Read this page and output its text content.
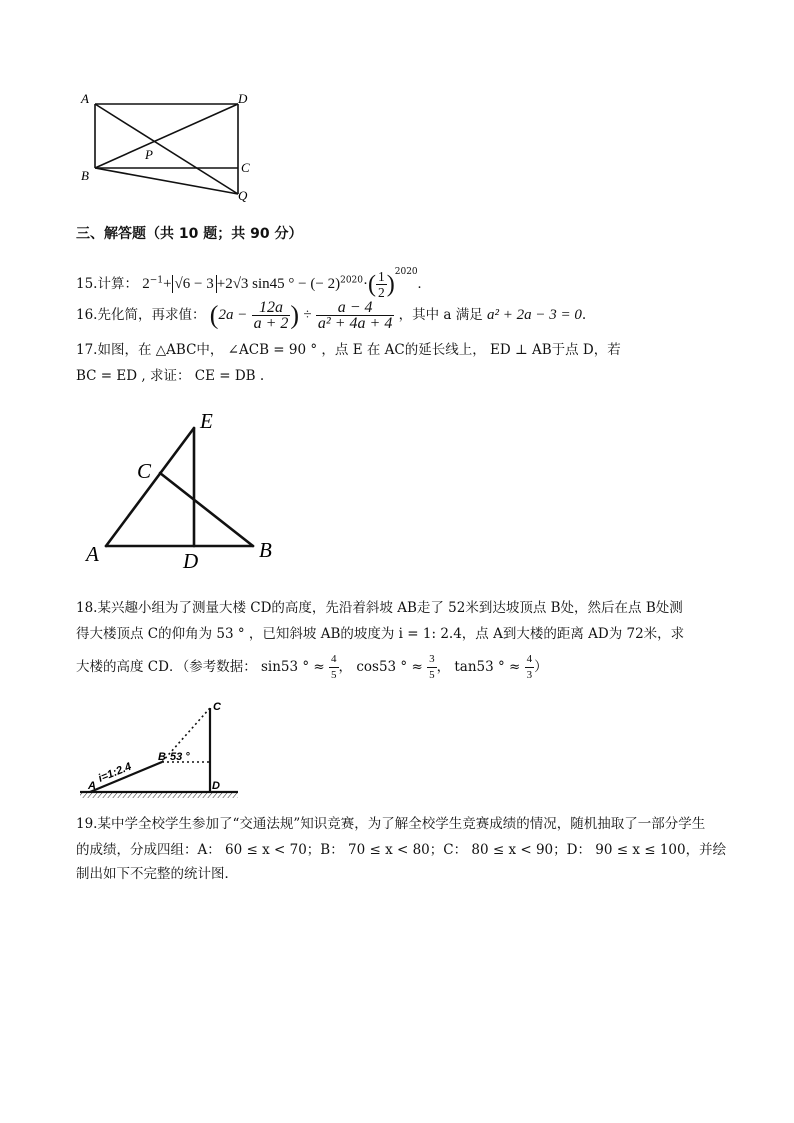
A	D
P
B
C
Q
三、解答题（共 10 题；共 90 分）
15.计算： $2^{-1}+ √6 - 3 +2√3$ sin45 ° − (− $2)^{2020}\cdot( \frac{1}{2} )^{2020}$.
16.先化简，再求值： ($2a - \frac{12a}{a + 2}$ ) ÷ $\frac{a - 4}{\text{a² + 4a + 4}}$ ，其中 a 满足 a² + 2a − 3 = 0.
17.如图，在 △ABC中， ∠ACB = 90 ° ，点 E 在 AC的延长线上， ED ⊥ AB于点 D，若
BC = ED , 求证： CE = DB .
E
C
A	D	B
18.某兴趣小组为了测量大楼 CD的高度，先沿着斜坡 AB走了 52米到达坡顶点 B处，然后在点 B处测
得大楼顶点 C的仰角为 53 ° ，已知斜坡 AB的坡度为 i = 1: 2.4，点 A到大楼的距离 AD为 72米，求
大楼的高度 CD．（参考数据： sin53 ° ≈ $\frac{4}{5}$ ， cos53 ° ≈ $\frac{3}{5}$ ， tan53 ° ≈ $\frac{4}{3}$ ）
C
B 53 °
i=1:2.4
A	D
19.某中学全校学生参加了“交通法规”知识竞赛，为了解全校学生竞赛成绩的情况，随机抽取了一部分学生
的成绩，分成四组：A： 60 ≤ x < 70；B： 70 ≤ x < 80；C： 80 ≤ x < 90；D： 90 ≤ x ≤ 100，并绘
制出如下不完整的统计图．
